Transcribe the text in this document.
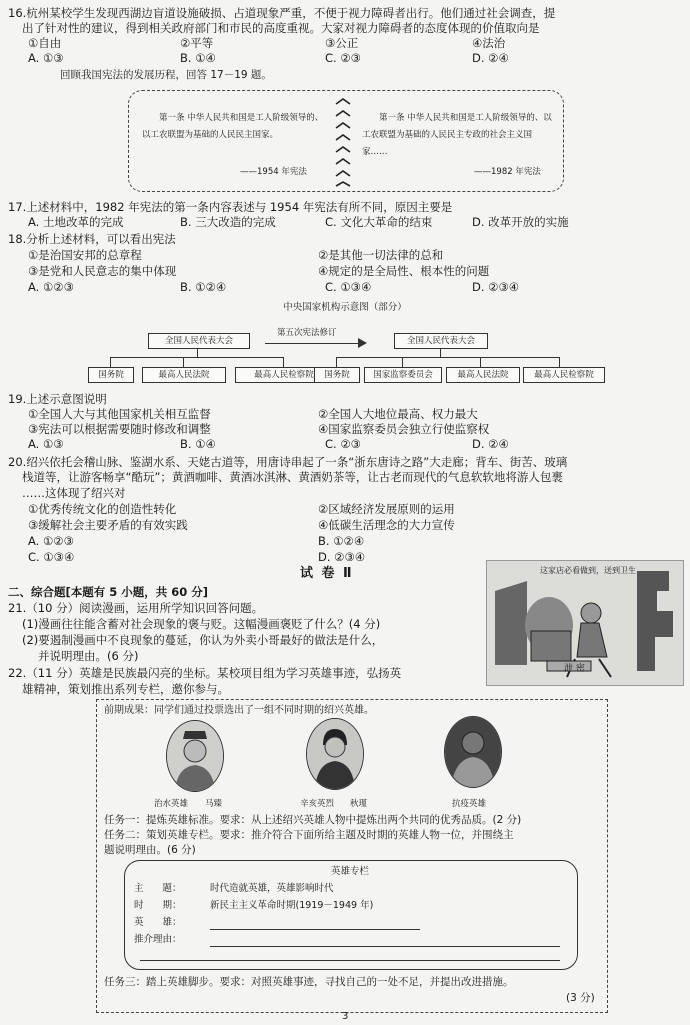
16.杭州某校学生发现西湖边盲道设施破损、占道现象严重，不便于视力障碍者出行。他们通过社会调查，提
出了针对性的建议，得到相关政府部门和市民的高度重视。大家对视力障碍者的态度体现的价值取向是
①自由	②平等	③公正	④法治
A. ①③	B. ①④	C. ②③	D. ②④
回顾我国宪法的发展历程，回答 17－19 题。
第一条 中华人民共和国是工人阶级领导的、以工农联盟为基础的人民民主国家。
——1954 年宪法
第一条 中华人民共和国是工人阶级领导的、以工农联盟为基础的人民民主专政的社会主义国家……
——1982 年宪法
17.上述材料中，1982 年宪法的第一条内容表述与 1954 年宪法有所不同，原因主要是
A. 土地改革的完成	B. 三大改造的完成	C. 文化大革命的结束	D. 改革开放的实施
18.分析上述材料，可以看出宪法
①是治国安邦的总章程	②是其他一切法律的总和
③是党和人民意志的集中体现	④规定的是全局性、根本性的问题
A. ①②③	B. ①②④	C. ①③④	D. ②③④
中央国家机构示意图（部分）
全国人民代表大会
第五次宪法修订
全国人民代表大会
国务院	最高人民法院	最高人民检察院	国务院	国家监察委员会	最高人民法院	最高人民检察院
19.上述示意图说明
①全国人大与其他国家机关相互监督	②全国人大地位最高、权力最大
③宪法可以根据需要随时修改和调整	④国家监察委员会独立行使监察权
A. ①③	B. ①④	C. ②③	D. ②④
20.绍兴依托会稽山脉、鉴湖水系、天姥古道等，用唐诗串起了一条“浙东唐诗之路”大走廊；背车、街苦、玻璃
栈道等，让游客畅享“酷玩”；黄酒咖啡、黄酒冰淇淋、黄酒奶茶等，让古老而现代的气息软软地将游人包裹
……这体现了绍兴对
①优秀传统文化的创造性转化	②区域经济发展原则的运用
③缓解社会主要矛盾的有效实践	④低碳生活理念的大力宣传
A. ①②③	B. ①②④
C. ①③④	D. ②③④
试 卷 Ⅱ
二、综合题[本题有 5 小题，共 60 分]
这家店必看做到，送到卫生
泄 密
21.（10 分）阅读漫画，运用所学知识回答问题。
(1)漫画往往能含蓄对社会现象的褒与贬。这幅漫画褒贬了什么？(4 分)
(2)要遏制漫画中不良现象的蔓延，你认为外卖小哥最好的做法是什么，
并说明理由。(6 分)
22.（11 分）英雄是民族最闪亮的坐标。某校项目组为学习英雄事迹，弘扬英
雄精神，策划推出系列专栏，邀你参与。
前期成果：同学们通过投票选出了一组不同时期的绍兴英雄。
治水英雄 马臻	辛亥英烈 秋瑾	抗疫英雄
任务一：提炼英雄标准。要求：从上述绍兴英雄人物中提炼出两个共同的优秀品质。(2 分)
任务二：策划英雄专栏。要求：推介符合下面所给主题及时期的英雄人物一位，并围绕主
题说明理由。(6 分)
英雄专栏
主　　题：	时代造就英雄，英雄影响时代
时　　期：	新民主主义革命时期(1919－1949 年)
英　　雄：
推介理由：
任务三：踏上英雄脚步。要求：对照英雄事迹，寻找自己的一处不足，并提出改进措施。
(3 分)
3
